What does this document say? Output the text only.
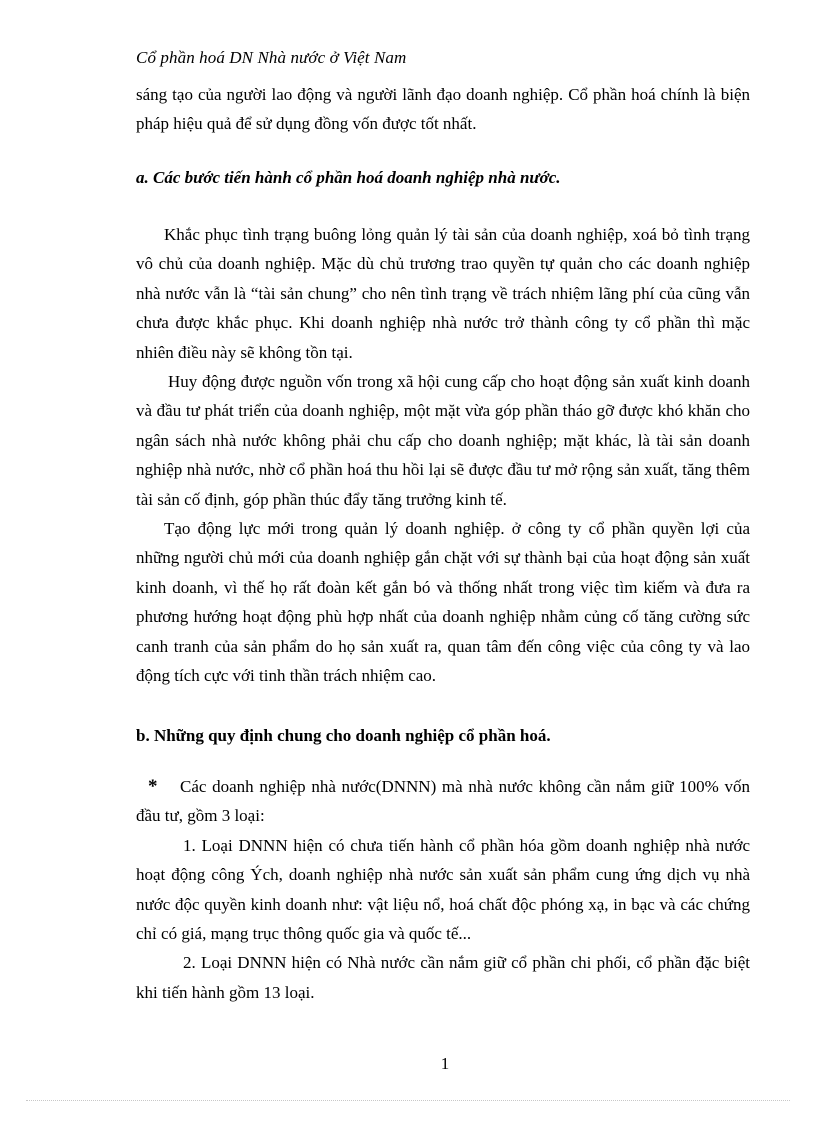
Cổ phần hoá DN Nhà nước ở Việt Nam

sáng tạo của người lao động và người lãnh đạo doanh nghiệp. Cổ phần hoá chính là biện pháp hiệu quả để sử dụng đồng vốn được tốt nhất.

a. Các bước tiến hành cổ phần hoá doanh nghiệp nhà nước.

Khắc phục tình trạng buông lỏng quản lý tài sản của doanh nghiệp, xoá bỏ tình trạng vô chủ của doanh nghiệp. Mặc dù chủ trương trao quyền tự quản cho các doanh nghiệp nhà nước vẫn là “tài sản chung” cho nên tình trạng về trách nhiệm lãng phí của cũng vẫn chưa được khắc phục. Khi doanh nghiệp nhà nước trở thành công ty cổ phần thì mặc nhiên điều này sẽ không tồn tại.

Huy động được nguồn vốn trong xã hội cung cấp cho hoạt động sản xuất kinh doanh và đầu tư phát triển của doanh nghiệp, một mặt vừa góp phần tháo gỡ được khó khăn cho ngân sách nhà nước không phải chu cấp cho doanh nghiệp; mặt khác, là tài sản doanh nghiệp nhà nước, nhờ cổ phần hoá thu hồi lại sẽ được đầu tư mở rộng sản xuất, tăng thêm tài sản cố định, góp phần thúc đẩy tăng trưởng kinh tế.

Tạo động lực mới trong quản lý doanh nghiệp. ở công ty cổ phần quyền lợi của những người chủ mới của doanh nghiệp gắn chặt với sự thành bại của hoạt động sản xuất kinh doanh, vì thế họ rất đoàn kết gắn bó và thống nhất trong việc tìm kiếm và đưa ra phương hướng hoạt động phù hợp nhất của doanh nghiệp nhằm củng cố tăng cường sức canh tranh của sản phẩm do họ sản xuất ra, quan tâm đến công việc của công ty và lao động tích cực với tinh thần trách nhiệm cao.

b. Những quy định chung cho doanh nghiệp cổ phần hoá.

* Các doanh nghiệp nhà nước(DNNN) mà nhà nước không cần nắm giữ 100% vốn đầu tư, gồm 3 loại:

1. Loại DNNN hiện có chưa tiến hành cổ phần hóa gồm doanh nghiệp nhà nước hoạt động công Ých, doanh nghiệp nhà nước sản xuất sản phẩm cung ứng dịch vụ nhà nước độc quyền kinh doanh như: vật liệu nổ, hoá chất độc phóng xạ, in bạc và các chứng chỉ có giá, mạng trục thông quốc gia và quốc tế...

2. Loại DNNN hiện có Nhà nước cần nắm giữ cổ phần chi phối, cổ phần đặc biệt khi tiến hành gồm 13 loại.

1
